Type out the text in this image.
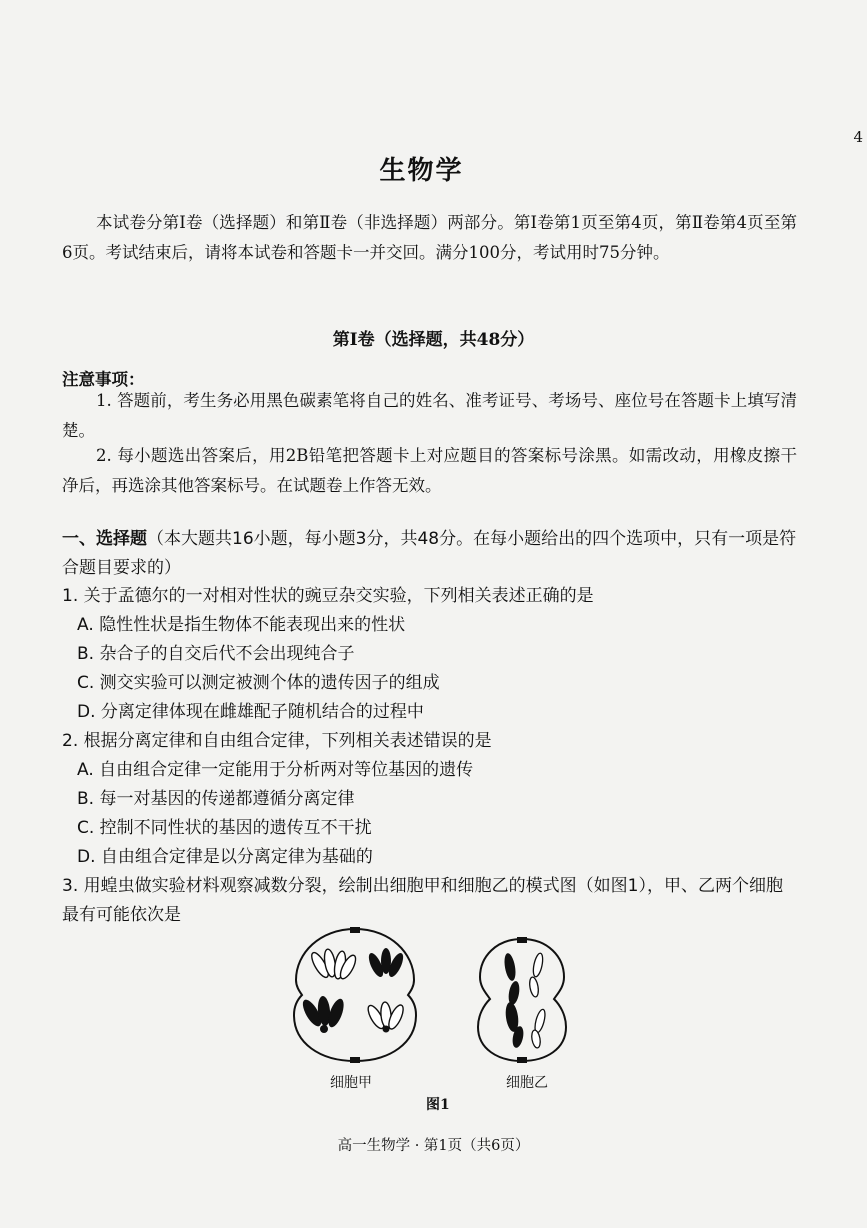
4
生物学
本试卷分第Ⅰ卷（选择题）和第Ⅱ卷（非选择题）两部分。第Ⅰ卷第1页至第4页，第Ⅱ卷第4页至第6页。考试结束后，请将本试卷和答题卡一并交回。满分100分，考试用时75分钟。
第Ⅰ卷（选择题，共48分）
注意事项：
1. 答题前，考生务必用黑色碳素笔将自己的姓名、准考证号、考场号、座位号在答题卡上填写清楚。
2. 每小题选出答案后，用2B铅笔把答题卡上对应题目的答案标号涂黑。如需改动，用橡皮擦干净后，再选涂其他答案标号。在试题卷上作答无效。
一、选择题（本大题共16小题，每小题3分，共48分。在每小题给出的四个选项中，只有一项是符合题目要求的）
1. 关于孟德尔的一对相对性状的豌豆杂交实验，下列相关表述正确的是
A. 隐性性状是指生物体不能表现出来的性状
B. 杂合子的自交后代不会出现纯合子
C. 测交实验可以测定被测个体的遗传因子的组成
D. 分离定律体现在雌雄配子随机结合的过程中
2. 根据分离定律和自由组合定律，下列相关表述错误的是
A. 自由组合定律一定能用于分析两对等位基因的遗传
B. 每一对基因的传递都遵循分离定律
C. 控制不同性状的基因的遗传互不干扰
D. 自由组合定律是以分离定律为基础的
3. 用蝗虫做实验材料观察减数分裂，绘制出细胞甲和细胞乙的模式图（如图1），甲、乙两个细胞最有可能依次是
细胞甲	细胞乙
图1
高一生物学 · 第1页（共6页）
